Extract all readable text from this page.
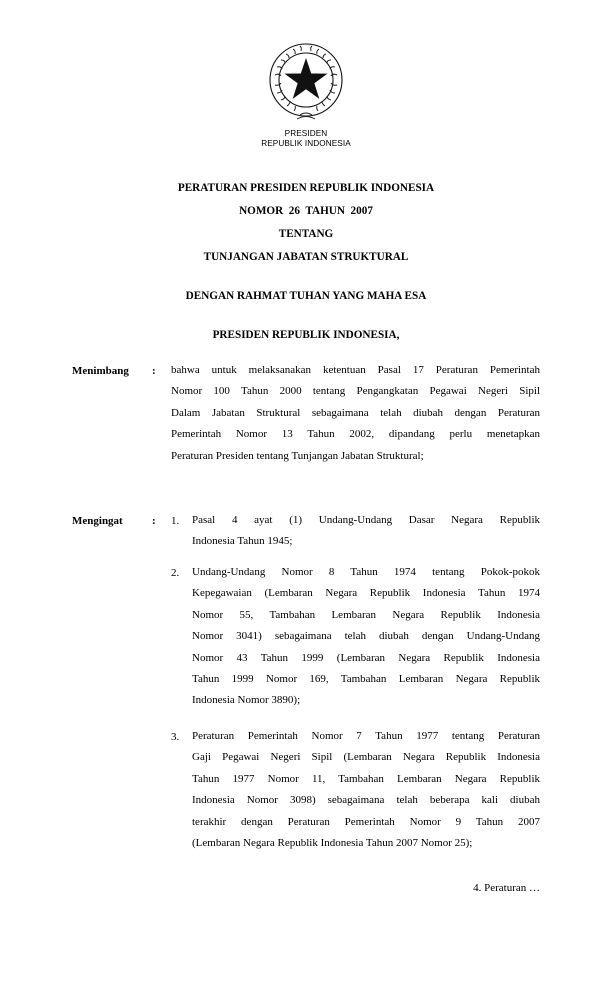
PRESIDEN
REPUBLIK INDONESIA
PERATURAN PRESIDEN REPUBLIK INDONESIA
NOMOR  26  TAHUN  2007
TENTANG
TUNJANGAN JABATAN STRUKTURAL
DENGAN RAHMAT TUHAN YANG MAHA ESA
PRESIDEN REPUBLIK INDONESIA,
Menimbang : bahwa untuk melaksanakan ketentuan Pasal 17 Peraturan Pemerintah
Nomor 100 Tahun 2000 tentang Pengangkatan Pegawai Negeri Sipil
Dalam Jabatan Struktural sebagaimana telah diubah dengan Peraturan
Pemerintah Nomor 13 Tahun 2002, dipandang perlu menetapkan
Peraturan Presiden tentang Tunjangan Jabatan Struktural;
Mengingat	: 1. Pasal 4 ayat (1) Undang-Undang Dasar Negara Republik
Indonesia Tahun 1945;
2. Undang-Undang Nomor 8 Tahun 1974 tentang Pokok-pokok
Kepegawaian (Lembaran Negara Republik Indonesia Tahun 1974
Nomor 55, Tambahan Lembaran Negara Republik Indonesia
Nomor 3041) sebagaimana telah diubah dengan Undang-Undang
Nomor 43 Tahun 1999 (Lembaran Negara Republik Indonesia
Tahun 1999 Nomor 169, Tambahan Lembaran Negara Republik
Indonesia Nomor 3890);
3. Peraturan Pemerintah Nomor 7 Tahun 1977 tentang Peraturan
Gaji Pegawai Negeri Sipil (Lembaran Negara Republik Indonesia
Tahun 1977 Nomor 11, Tambahan Lembaran Negara Republik
Indonesia Nomor 3098) sebagaimana telah beberapa kali diubah
terakhir dengan Peraturan Pemerintah Nomor 9 Tahun 2007
(Lembaran Negara Republik Indonesia Tahun 2007 Nomor 25);
4. Peraturan …
